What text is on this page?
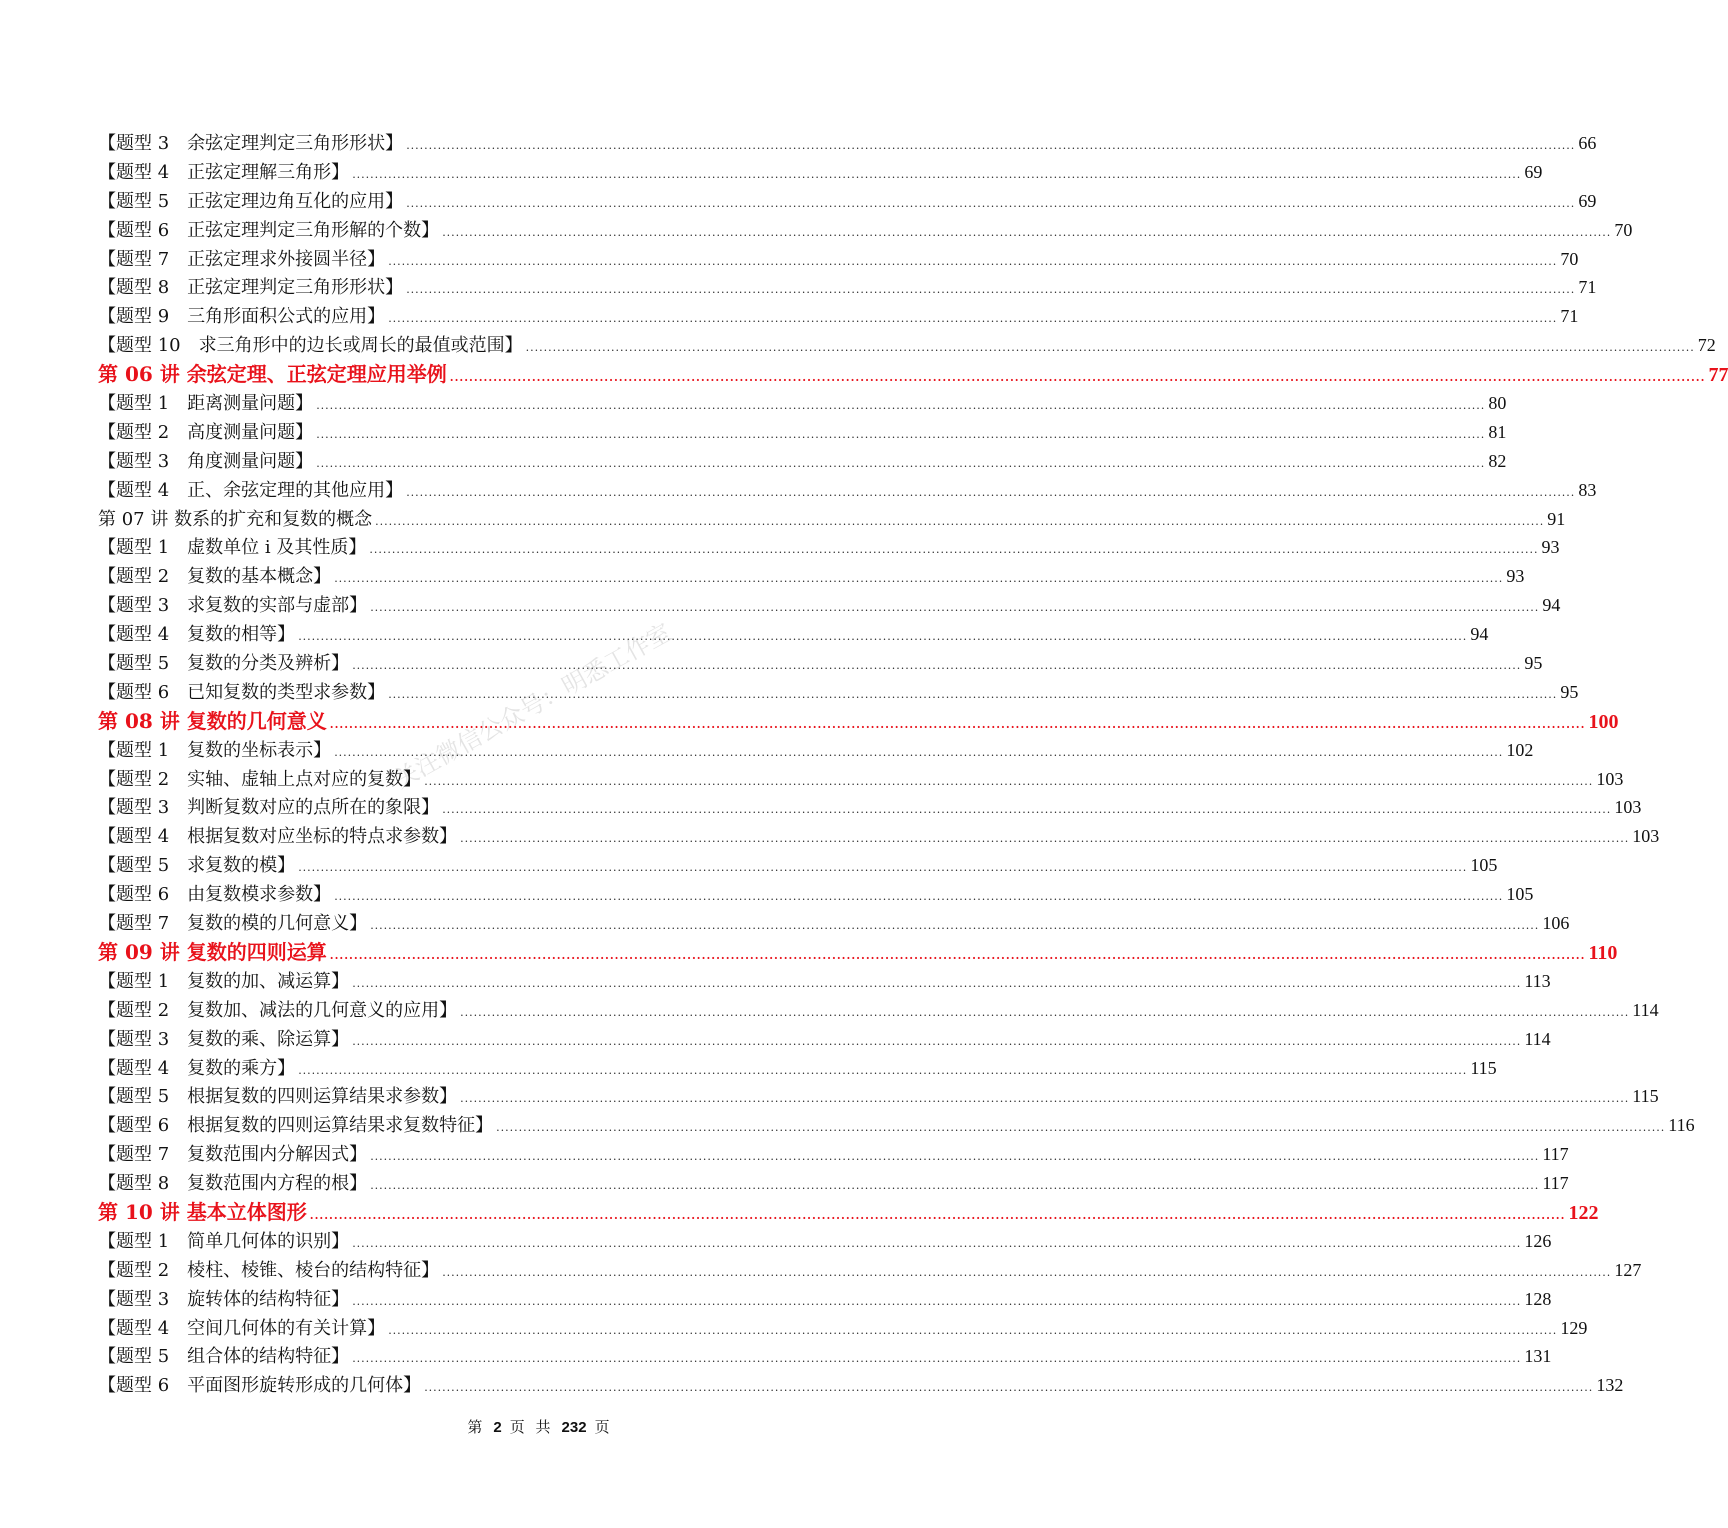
【题型 3　余弦定理判定三角形形状】 .................................................................................................................................................................................................................................................................... 66
【题型 4　正弦定理解三角形】 .................................................................................................................................................................................................................................................................... 69
【题型 5　正弦定理边角互化的应用】 .................................................................................................................................................................................................................................................................... 69
【题型 6　正弦定理判定三角形解的个数】 .................................................................................................................................................................................................................................................................... 70
【题型 7　正弦定理求外接圆半径】 .................................................................................................................................................................................................................................................................... 70
【题型 8　正弦定理判定三角形形状】 .................................................................................................................................................................................................................................................................... 71
【题型 9　三角形面积公式的应用】 .................................................................................................................................................................................................................................................................... 71
【题型 10　求三角形中的边长或周长的最值或范围】 .................................................................................................................................................................................................................................................................... 72
第 06 讲 余弦定理、正弦定理应用举例 .................................................................................................................................................................................................................................................................... 77
【题型 1　距离测量问题】 .................................................................................................................................................................................................................................................................... 80
【题型 2　高度测量问题】 .................................................................................................................................................................................................................................................................... 81
【题型 3　角度测量问题】 .................................................................................................................................................................................................................................................................... 82
【题型 4　正、余弦定理的其他应用】 .................................................................................................................................................................................................................................................................... 83
第 07 讲 数系的扩充和复数的概念 .................................................................................................................................................................................................................................................................... 91
【题型 1　虚数单位 i 及其性质】 .................................................................................................................................................................................................................................................................... 93
【题型 2　复数的基本概念】 .................................................................................................................................................................................................................................................................... 93
【题型 3　求复数的实部与虚部】 .................................................................................................................................................................................................................................................................... 94
【题型 4　复数的相等】 .................................................................................................................................................................................................................................................................... 94
【题型 5　复数的分类及辨析】 .................................................................................................................................................................................................................................................................... 95
【题型 6　已知复数的类型求参数】 .................................................................................................................................................................................................................................................................... 95
第 08 讲 复数的几何意义 .................................................................................................................................................................................................................................................................... 100
【题型 1　复数的坐标表示】 .................................................................................................................................................................................................................................................................... 102
【题型 2　实轴、虚轴上点对应的复数】 .................................................................................................................................................................................................................................................................... 103
【题型 3　判断复数对应的点所在的象限】 .................................................................................................................................................................................................................................................................... 103
【题型 4　根据复数对应坐标的特点求参数】 .................................................................................................................................................................................................................................................................... 103
【题型 5　求复数的模】 .................................................................................................................................................................................................................................................................... 105
【题型 6　由复数模求参数】 .................................................................................................................................................................................................................................................................... 105
【题型 7　复数的模的几何意义】 .................................................................................................................................................................................................................................................................... 106
第 09 讲 复数的四则运算 .................................................................................................................................................................................................................................................................... 110
【题型 1　复数的加、减运算】 .................................................................................................................................................................................................................................................................... 113
【题型 2　复数加、减法的几何意义的应用】 .................................................................................................................................................................................................................................................................... 114
【题型 3　复数的乘、除运算】 .................................................................................................................................................................................................................................................................... 114
【题型 4　复数的乘方】 .................................................................................................................................................................................................................................................................... 115
【题型 5　根据复数的四则运算结果求参数】 .................................................................................................................................................................................................................................................................... 115
【题型 6　根据复数的四则运算结果求复数特征】 .................................................................................................................................................................................................................................................................... 116
【题型 7　复数范围内分解因式】 .................................................................................................................................................................................................................................................................... 117
【题型 8　复数范围内方程的根】 .................................................................................................................................................................................................................................................................... 117
第 10 讲 基本立体图形 .................................................................................................................................................................................................................................................................... 122
【题型 1　简单几何体的识别】 .................................................................................................................................................................................................................................................................... 126
【题型 2　棱柱、棱锥、棱台的结构特征】 .................................................................................................................................................................................................................................................................... 127
【题型 3　旋转体的结构特征】 .................................................................................................................................................................................................................................................................... 128
【题型 4　空间几何体的有关计算】 .................................................................................................................................................................................................................................................................... 129
【题型 5　组合体的结构特征】 .................................................................................................................................................................................................................................................................... 131
【题型 6　平面图形旋转形成的几何体】 .................................................................................................................................................................................................................................................................... 132
关注微信公众号：明悉工作室
第 2 页 共 232 页
